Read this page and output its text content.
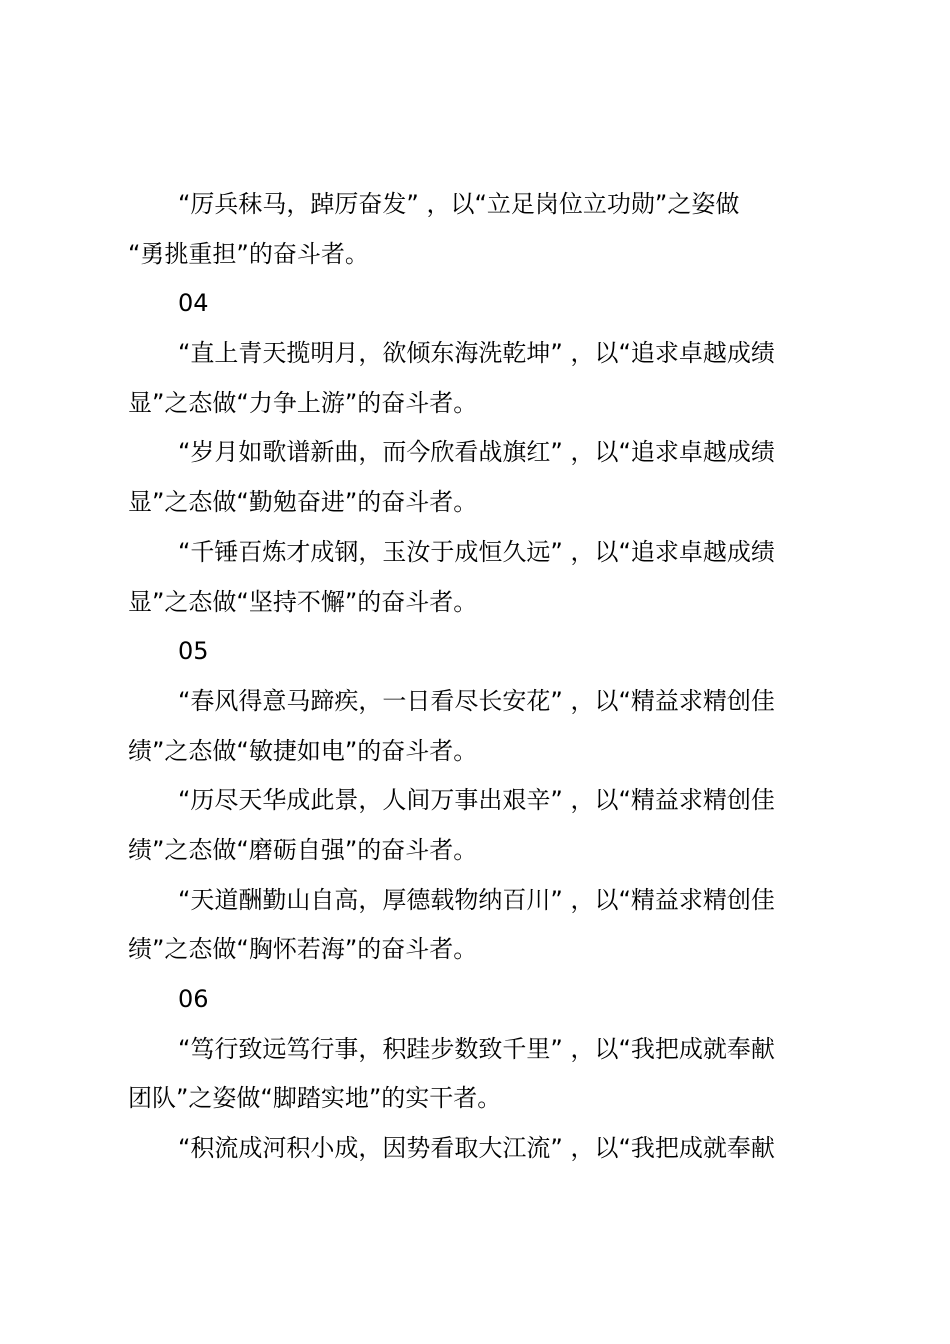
“厉兵秣马，踔厉奋发” ，以“立足岗位立功勋”之姿做
“勇挑重担”的奋斗者。
04
“直上青天揽明月，欲倾东海洗乾坤” ，以“追求卓越成绩
显”之态做“力争上游”的奋斗者。
“岁月如歌谱新曲，而今欣看战旗红” ，以“追求卓越成绩
显”之态做“勤勉奋进”的奋斗者。
“千锤百炼才成钢，玉汝于成恒久远” ，以“追求卓越成绩
显”之态做“坚持不懈”的奋斗者。
05
“春风得意马蹄疾，一日看尽长安花” ，以“精益求精创佳
绩”之态做“敏捷如电”的奋斗者。
“历尽天华成此景，人间万事出艰辛” ，以“精益求精创佳
绩”之态做“磨砺自强”的奋斗者。
“天道酬勤山自高，厚德载物纳百川” ，以“精益求精创佳
绩”之态做“胸怀若海”的奋斗者。
06
“笃行致远笃行事，积跬步数致千里” ，以“我把成就奉献
团队”之姿做“脚踏实地”的实干者。
“积流成河积小成，因势看取大江流” ，以“我把成就奉献
